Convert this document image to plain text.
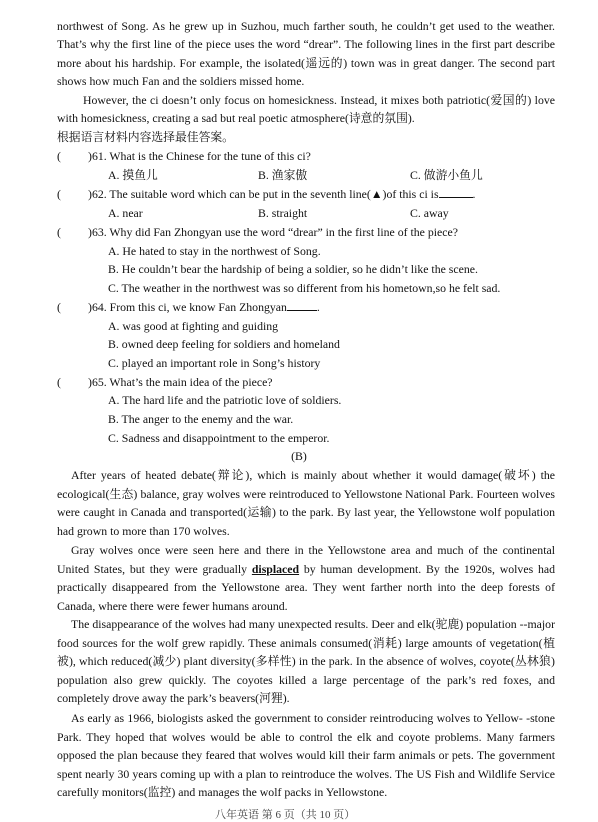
northwest of Song. As he grew up in Suzhou, much farther south, he couldn’t get used to the weather. That’s why the first line of the piece uses the word “drear”. The following lines in the first part describe more about his hardship. For example, the isolated(遥远的) town was in great danger. The second part shows how much Fan and the soldiers missed home.

However, the ci doesn’t only focus on homesickness. Instead, it mixes both patriotic(爱国的) love with homesickness, creating a sad but real poetic atmosphere(诗意的氛围).

根据语言材料内容选择最佳答案。
( )61. What is the Chinese for the tune of this ci?
A. 摸鱼儿	B. 渔家傲	C. 做游小鱼儿
( )62. The suitable word which can be put in the seventh line(▲)of this ci is	.
A. near	B. straight	C. away
( )63. Why did Fan Zhongyan use the word “drear” in the first line of the piece?
A. He hated to stay in the northwest of Song.
B. He couldn’t bear the hardship of being a soldier, so he didn’t like the scene.
C. The weather in the northwest was so different from his hometown,so he felt sad.
( )64. From this ci, we know Fan Zhongyan	.
A. was good at fighting and guiding
B. owned deep feeling for soldiers and homeland
C. played an important role in Song’s history
( )65. What’s the main idea of the piece?
A. The hard life and the patriotic love of soldiers.
B. The anger to the enemy and the war.
C. Sadness and disappointment to the emperor.
(B)

After years of heated debate(辩论), which is mainly about whether it would damage(破坏) the ecological(生态) balance, gray wolves were reintroduced to Yellowstone National Park. Fourteen wolves were caught in Canada and transported(运输) to the park. By last year, the Yellowstone wolf population had grown to more than 170 wolves.

Gray wolves once were seen here and there in the Yellowstone area and much of the continental United States, but they were gradually displaced by human development. By the 1920s, wolves had practically disappeared from the Yellowstone area. They went farther north into the deep forests of Canada, where there were fewer humans around.

The disappearance of the wolves had many unexpected results. Deer and elk(驼鹿) population --major food sources for the wolf grew rapidly. These animals consumed(消耗) large amounts of vegetation(植被), which reduced(减少) plant diversity(多样性) in the park. In the absence of wolves, coyote(丛林狼) population also grew quickly. The coyotes killed a large percentage of the park’s red foxes, and completely drove away the park’s beavers(河狸).

As early as 1966, biologists asked the government to consider reintroducing wolves to Yellow- -stone Park. They hoped that wolves would be able to control the elk and coyote problems. Many farmers opposed the plan because they feared that wolves would kill their farm animals or pets. The government spent nearly 30 years coming up with a plan to reintroduce the wolves. The US Fish and Wildlife Service carefully monitors(监控) and manages the wolf packs in Yellowstone.

八年英语 第 6 页（共 10 页）
